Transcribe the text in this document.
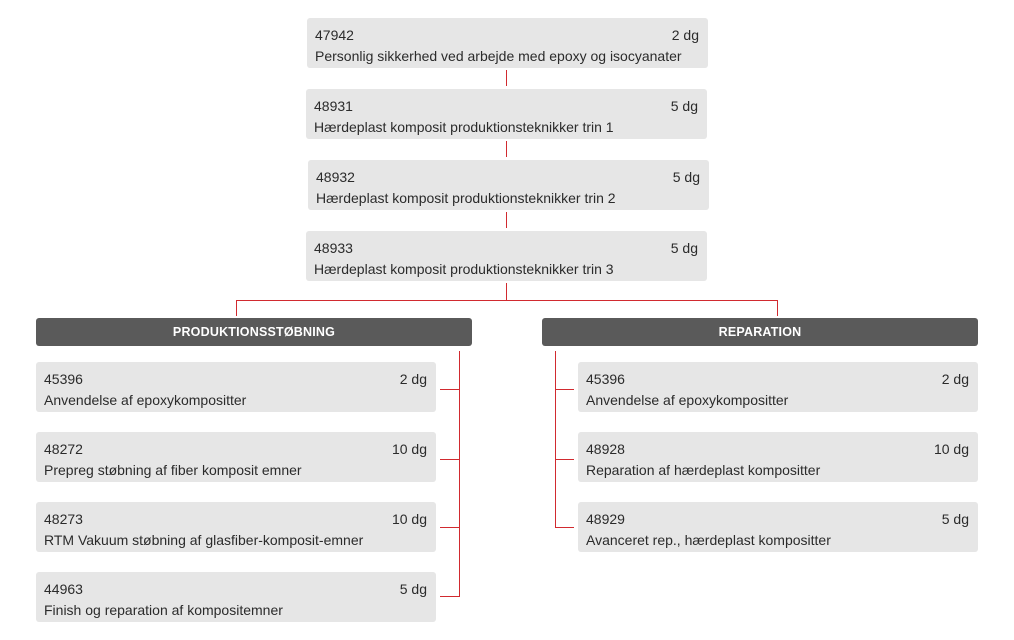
47942	2 dg
Personlig sikkerhed ved arbejde med epoxy og isocyanater
48931	5 dg
Hærdeplast komposit produktionsteknikker trin 1
48932	5 dg
Hærdeplast komposit produktionsteknikker trin 2
48933	5 dg
Hærdeplast komposit produktionsteknikker trin 3
PRODUKTIONSSTØBNING	REPARATION
45396	2 dg
Anvendelse af epoxykompositter
48272	10 dg
Prepreg støbning af fiber komposit emner
48273	10 dg
RTM Vakuum støbning af glasfiber-komposit-emner
44963	5 dg
Finish og reparation af kompositemner
45396	2 dg
Anvendelse af epoxykompositter
48928	10 dg
Reparation af hærdeplast kompositter
48929	5 dg
Avanceret rep., hærdeplast kompositter
